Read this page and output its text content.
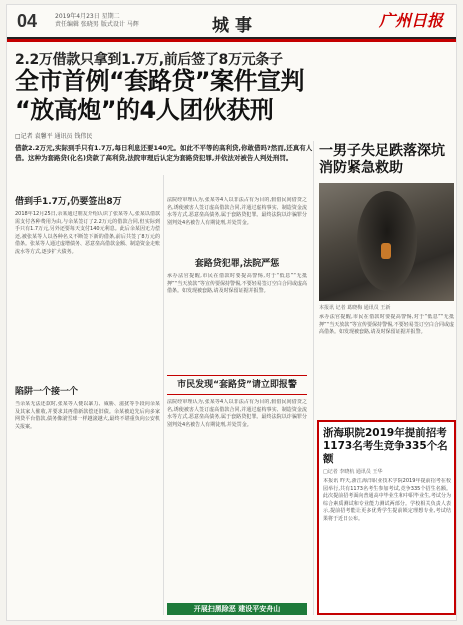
04	2019年4月23日 星期二
责任编辑 张晓男 版式设计 马辉	城事	广州日报
2.2万借款只拿到1.7万,前后签了8万元条子
全市首例“套路贷”案件宣判
“放高炮”的4人团伙获刑
□记者 袁馨平 通讯员 钱伟民
借款2.2万元,实际到手只有1.7万,每日利息还要140元。如此不平等的高利贷,你敢借吗?然而,还真有人借。这种为套路贷(化名)贷款了高利贷,法院审理后认定为套路贷犯罪,并依法对被告人判处刑罚。
借到手1.7万,仍要签出8万
2018年12月25日,余某通过朋友介绍认识了张某等人,张某以借款需支付各种费用为由,与余某签订了2.2万元的借款合同,但实际到手只有1.7万元,另外还要每天支付140元利息。此后余某因无力偿还,被张某等人以各种名义不断签下新的借条,前后共签了8万元的借条。张某等人通过虚增债务、恶意垒高借款金额、制造资金走账流水等方式,逐步扩大债务。
陷阱一个接一个
当余某无法还款时,张某等人便以暴力、威胁、滋扰等手段向余某及其家人催收,并要求其再借新款偿还旧债。余某被迫先后向多家网贷平台借款,债务像滚雪球一样越滚越大,最终不堪重负向公安机关报案。
法院经审理认为,张某等4人以非法占有为目的,假借民间借贷之名,诱使被害人签订虚高借款合同,并通过虚构事实、制造资金流水等方式,恶意垒高债务,属于套路贷犯罪。最终法院以诈骗罪分别判处4名被告人有期徒刑,并处罚金。
套路贷犯罪,法院严惩
承办法官提醒,市民在借款时要提高警惕,对于“低息”“无抵押”“当天放款”等宣传要保持警惕,不要轻易签订空白合同或虚高借条。如发现被套路,请及时保留证据并报警。
市民发现“套路贷”请立即报警
法院经审理认为,张某等4人以非法占有为目的,假借民间借贷之名,诱使被害人签订虚高借款合同,并通过虚构事实、制造资金流水等方式,恶意垒高债务,属于套路贷犯罪。最终法院以诈骗罪分别判处4名被告人有期徒刑,并处罚金。
开展扫黑除恶 建设平安舟山
一男子失足跌落深坑消防紧急救助
本报讯 记者 葛晓梅 通讯员 王新
承办法官提醒,市民在借款时要提高警惕,对于“低息”“无抵押”“当天放款”等宣传要保持警惕,不要轻易签订空白合同或虚高借条。如发现被套路,请及时保留证据并报警。
浙海职院2019年提前招考1173名考生竞争335个名额
□记者 李晓杭 通讯员 王华
本报讯 昨天,浙江海洋职业技术学院2019年提前招考在校园举行,共有1173名考生参加考试,竞争335个招生名额。此次提前招考面向普通高中毕业生和中职毕业生,考试分为综合素质测试和专业能力测试两部分。学校相关负责人表示,提前招考能让更多优秀学生提前锁定理想专业,考试结果将于近日公布。
